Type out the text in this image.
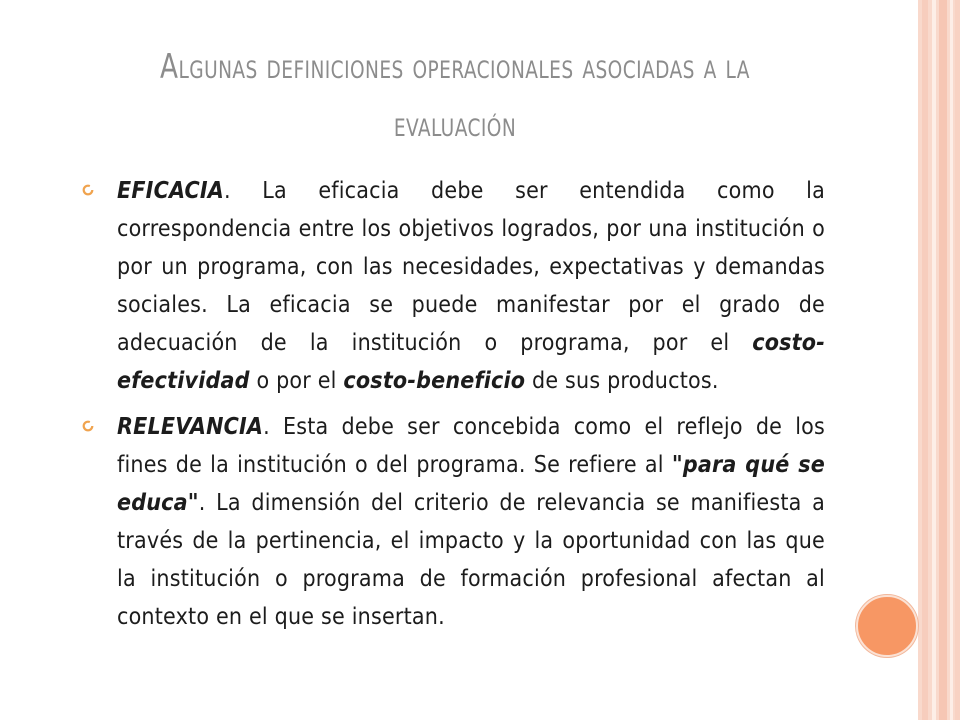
Algunas definiciones operacionales asociadas a la evaluación
EFICACIA. La eficacia debe ser entendida como la correspondencia entre los objetivos logrados, por una institución o por un programa, con las necesidades, expectativas y demandas sociales. La eficacia se puede manifestar por el grado de adecuación de la institución o programa, por el costo-efectividad o por el costo-beneficio de sus productos.
RELEVANCIA. Esta debe ser concebida como el reflejo de los fines de la institución o del programa. Se refiere al "para qué se educa". La dimensión del criterio de relevancia se manifiesta a través de la pertinencia, el impacto y la oportunidad con las que la institución o programa de formación profesional afectan al contexto en el que se insertan.
